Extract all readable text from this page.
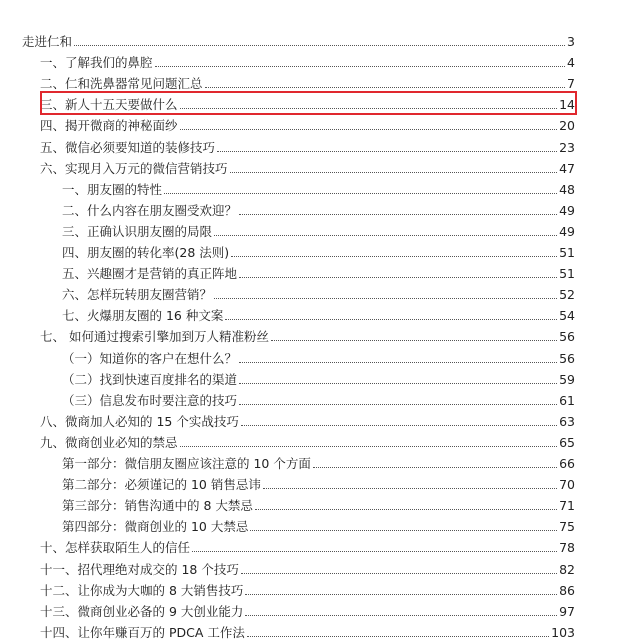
走进仁和	3
一、了解我们的鼻腔	4
二、仁和洗鼻器常见问题汇总	7
三、新人十五天要做什么	14
四、揭开微商的神秘面纱	20
五、微信必须要知道的装修技巧	23
六、实现月入万元的微信营销技巧	47
一、朋友圈的特性	48
二、什么内容在朋友圈受欢迎？	49
三、正确认识朋友圈的局限	49
四、朋友圈的转化率(28 法则)	51
五、兴趣圈才是营销的真正阵地	51
六、怎样玩转朋友圈营销？	52
七、火爆朋友圈的 16 种文案	54
七、 如何通过搜索引擎加到万人精准粉丝	56
（一）知道你的客户在想什么？	56
（二）找到快速百度排名的渠道	59
（三）信息发布时要注意的技巧	61
八、微商加人必知的 15 个实战技巧	63
九、微商创业必知的禁忌	65
第一部分：微信朋友圈应该注意的 10 个方面	66
第二部分：必须谨记的 10 销售忌讳	70
第三部分：销售沟通中的 8 大禁忌	71
第四部分：微商创业的 10 大禁忌	75
十、怎样获取陌生人的信任	78
十一、招代理绝对成交的 18 个技巧	82
十二、让你成为大咖的 8 大销售技巧	86
十三、微商创业必备的 9 大创业能力	97
十四、让你年赚百万的 PDCA 工作法	103
